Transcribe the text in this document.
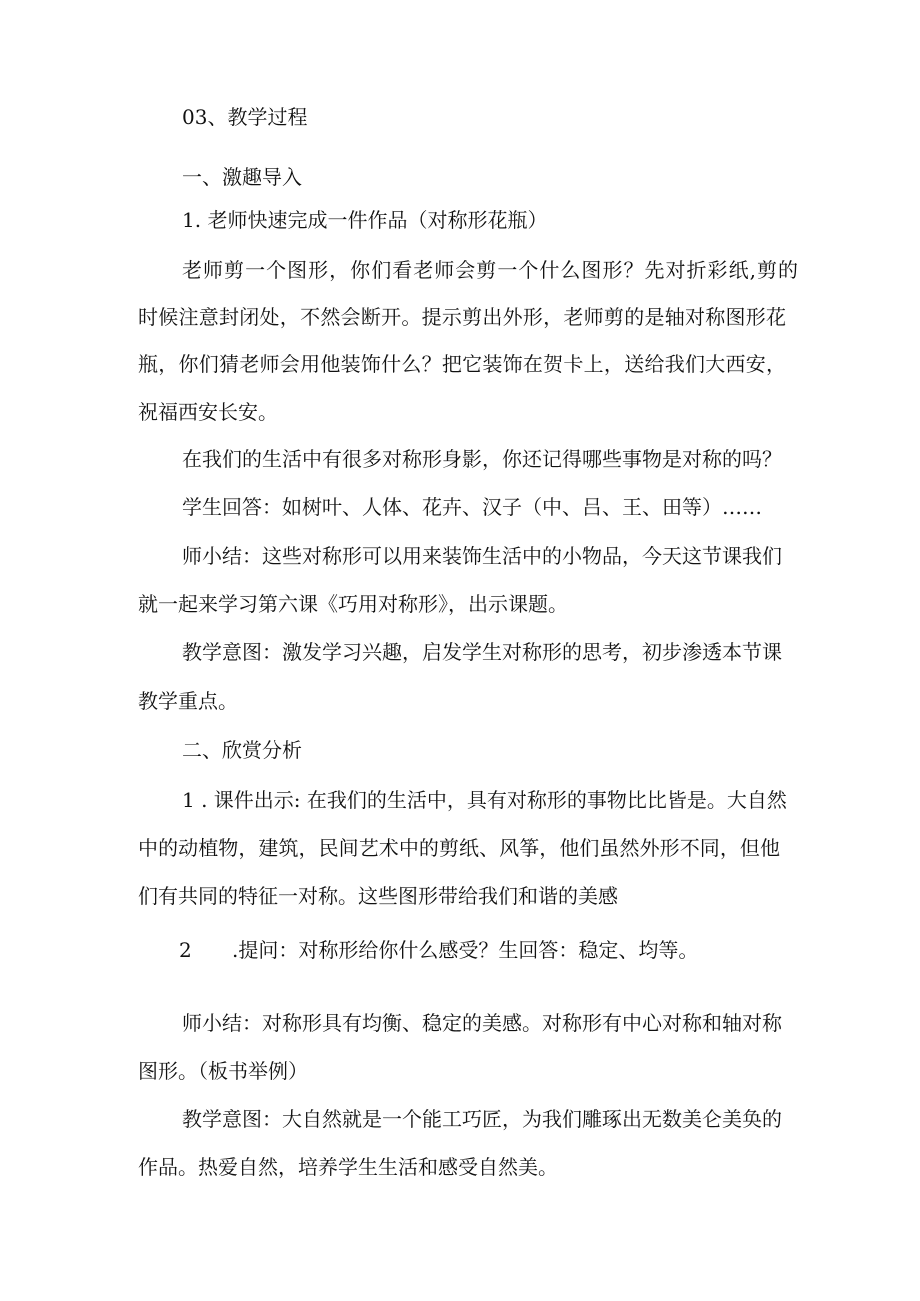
03、教学过程
一、激趣导入
1. 老师快速完成一件作品（对称形花瓶）
老师剪一个图形，你们看老师会剪一个什么图形？先对折彩纸,剪的
时候注意封闭处，不然会断开。提示剪出外形，老师剪的是轴对称图形花
瓶，你们猜老师会用他装饰什么？把它装饰在贺卡上，送给我们大西安，
祝福西安长安。
在我们的生活中有很多对称形身影，你还记得哪些事物是对称的吗？
学生回答：如树叶、人体、花卉、汉子（中、吕、王、田等）……
师小结：这些对称形可以用来装饰生活中的小物品，今天这节课我们
就一起来学习第六课《巧用对称形》，出示课题。
教学意图：激发学习兴趣，启发学生对称形的思考，初步渗透本节课
教学重点。
二、欣赏分析
1 . 课件出示: 在我们的生活中，具有对称形的事物比比皆是。大自然
中的动植物，建筑，民间艺术中的剪纸、风筝，他们虽然外形不同，但他
们有共同的特征一对称。这些图形带给我们和谐的美感
2 .提问：对称形给你什么感受？生回答：稳定、均等。
师小结：对称形具有均衡、稳定的美感。对称形有中心对称和轴对称
图形。（板书举例）
教学意图：大自然就是一个能工巧匠，为我们雕琢出无数美仑美奂的
作品。热爱自然，培养学生生活和感受自然美。
